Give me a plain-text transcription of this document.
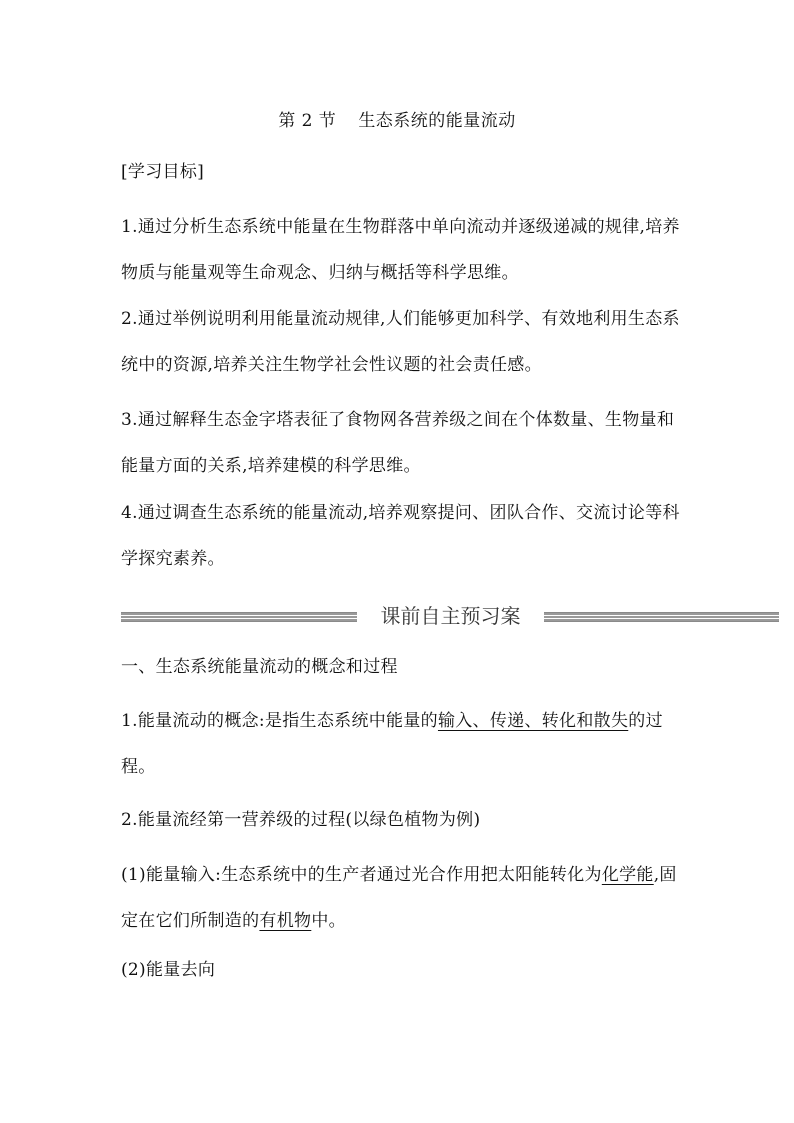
第 2 节 生态系统的能量流动
[学习目标]
1.通过分析生态系统中能量在生物群落中单向流动并逐级递减的规律,培养物质与能量观等生命观念、归纳与概括等科学思维。
2.通过举例说明利用能量流动规律,人们能够更加科学、有效地利用生态系统中的资源,培养关注生物学社会性议题的社会责任感。
3.通过解释生态金字塔表征了食物网各营养级之间在个体数量、生物量和能量方面的关系,培养建模的科学思维。
4.通过调查生态系统的能量流动,培养观察提问、团队合作、交流讨论等科学探究素养。
课前自主预习案
一、生态系统能量流动的概念和过程
1.能量流动的概念:是指生态系统中能量的输入、传递、转化和散失的过程。
2.能量流经第一营养级的过程(以绿色植物为例)
(1)能量输入:生态系统中的生产者通过光合作用把太阳能转化为化学能,固定在它们所制造的有机物中。
(2)能量去向
